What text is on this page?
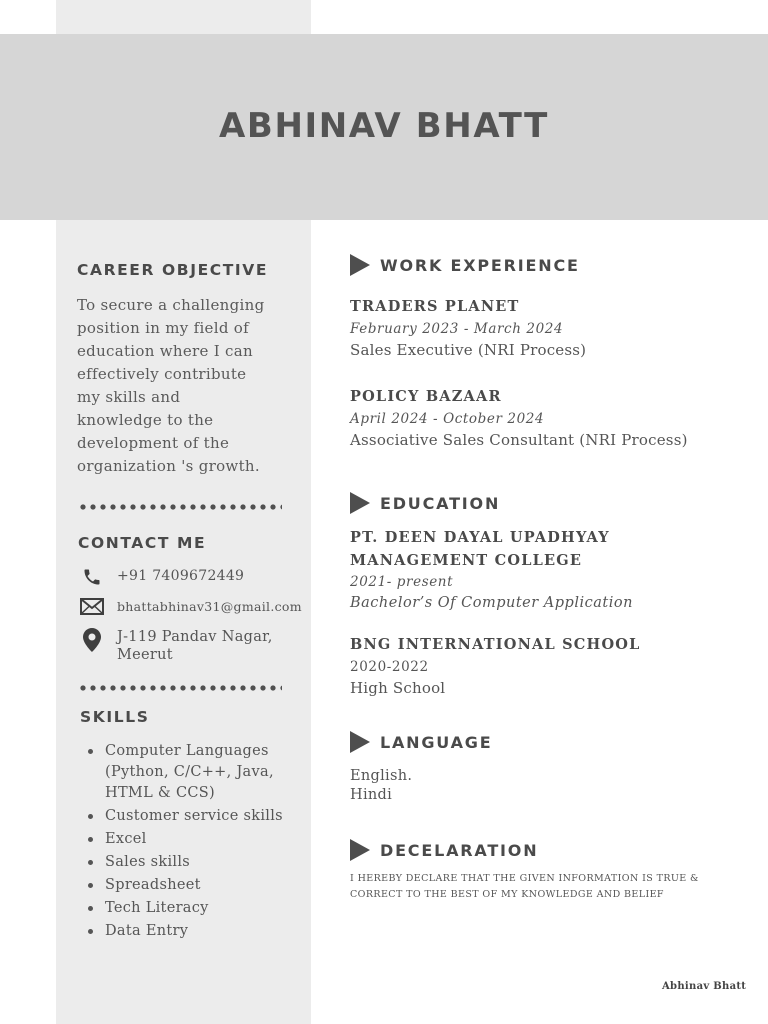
ABHINAV BHATT
CAREER OBJECTIVE
To secure a challenging
position in my field of
education where I can
effectively contribute
my skills and
knowledge to the
development of the
organization 's growth.
CONTACT ME
+91 7409672449
bhattabhinav31@gmail.com
J-119 Pandav Nagar,
Meerut
SKILLS
Computer Languages
(Python, C/C++, Java,
HTML & CCS)
Customer service skills
Excel
Sales skills
Spreadsheet
Tech Literacy
Data Entry
WORK EXPERIENCE
TRADERS PLANET
February 2023 - March 2024
Sales Executive (NRI Process)
POLICY BAZAAR
April 2024 - October 2024
Associative Sales Consultant (NRI Process)
EDUCATION
PT. DEEN DAYAL UPADHYAY
MANAGEMENT COLLEGE
2021- present
Bachelor’s Of Computer Application
BNG INTERNATIONAL SCHOOL
2020-2022
High School
LANGUAGE
English.
Hindi
DECELARATION
I HEREBY DECLARE THAT THE GIVEN INFORMATION IS TRUE &
CORRECT TO THE BEST OF MY KNOWLEDGE AND BELIEF
Abhinav Bhatt
